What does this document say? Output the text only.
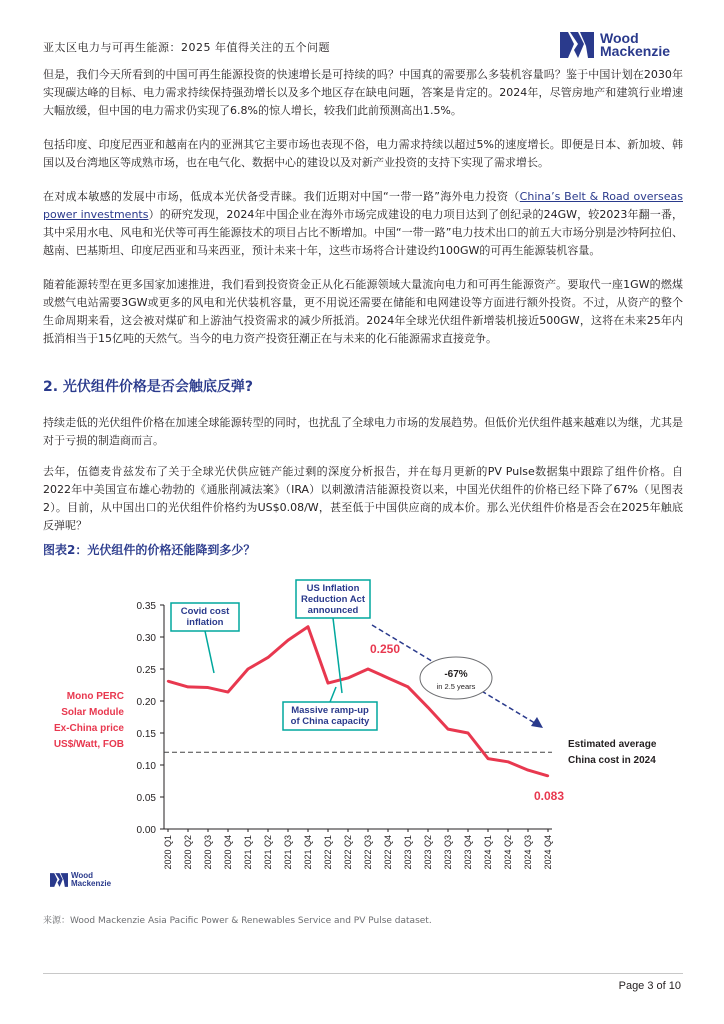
亚太区电力与可再生能源：2025 年值得关注的五个问题
Wood
Mackenzie

但是，我们今天所看到的中国可再生能源投资的快速增长是可持续的吗？中国真的需要那么多装机容量吗？鉴于中国计划在2030年实现碳达峰的目标、电力需求持续保持强劲增长以及多个地区存在缺电问题，答案是肯定的。2024年，尽管房地产和建筑行业增速大幅放缓，但中国的电力需求仍实现了6.8%的惊人增长，较我们此前预测高出1.5%。

包括印度、印度尼西亚和越南在内的亚洲其它主要市场也表现不俗，电力需求持续以超过5%的速度增长。即便是日本、新加坡、韩国以及台湾地区等成熟市场，也在电气化、数据中心的建设以及对新产业投资的支持下实现了需求增长。

在对成本敏感的发展中市场，低成本光伏备受青睐。我们近期对中国“一带一路”海外电力投资（China’s Belt & Road overseas power investments）的研究发现，2024年中国企业在海外市场完成建设的电力项目达到了创纪录的24GW，较2023年翻一番，其中采用水电、风电和光伏等可再生能源技术的项目占比不断增加。中国“一带一路”电力技术出口的前五大市场分别是沙特阿拉伯、越南、巴基斯坦、印度尼西亚和马来西亚，预计未来十年，这些市场将合计建设约100GW的可再生能源装机容量。

随着能源转型在更多国家加速推进，我们看到投资资金正从化石能源领域大量流向电力和可再生能源资产。要取代一座1GW的燃煤或燃气电站需要3GW或更多的风电和光伏装机容量，更不用说还需要在储能和电网建设等方面进行额外投资。不过，从资产的整个生命周期来看，这会被对煤矿和上游油气投资需求的减少所抵消。2024年全球光伏组件新增装机接近500GW，这将在未来25年内抵消相当于15亿吨的天然气。当今的电力资产投资狂潮正在与未来的化石能源需求直接竞争。

2. 光伏组件价格是否会触底反弹?

持续走低的光伏组件价格在加速全球能源转型的同时，也扰乱了全球电力市场的发展趋势。但低价光伏组件越来越难以为继，尤其是对于亏损的制造商而言。

去年，伍德麦肯兹发布了关于全球光伏供应链产能过剩的深度分析报告，并在每月更新的PV Pulse数据集中跟踪了组件价格。自2022年中美国宣布雄心勃勃的《通胀削减法案》（IRA）以刺激清洁能源投资以来，中国光伏组件的价格已经下降了67%（见图表2）。目前，从中国出口的光伏组件价格约为US$0.08/W，甚至低于中国供应商的成本价。那么光伏组件价格是否会在2025年触底反弹呢？

图表2：光伏组件的价格还能降到多少？
0.00
0.05
0.10
0.15
0.20
0.25
0.30
0.35
2020 Q1 2020 Q2 2020 Q3 2020 Q4 2021 Q1 2021 Q2 2021 Q3 2021 Q4 2022 Q1 2022 Q2 2022 Q3 2022 Q4 2023 Q1 2023 Q2 2023 Q3 2023 Q4 2024 Q1 2024 Q2 2024 Q3 2024 Q4
Mono PERC
Solar Module
Ex-China price
US$/Watt, FOB	Estimated average
China cost in 2024
0.250
0.083
Covid cost
inflation
US Inflation
Reduction Act
announced
Massive ramp-up
of China capacity
-67%
in 2.5 years
Wood
Mackenzie
来源：Wood Mackenzie Asia Pacific Power & Renewables Service and PV Pulse dataset.
Page 3 of 10
